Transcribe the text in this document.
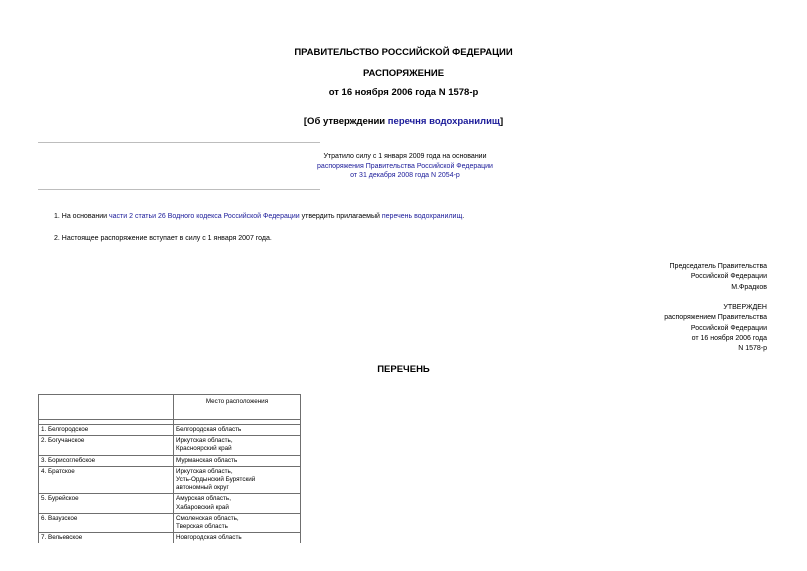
ПРАВИТЕЛЬСТВО РОССИЙСКОЙ ФЕДЕРАЦИИ
РАСПОРЯЖЕНИЕ
от 16 ноября 2006 года N 1578-р
[Об утверждении перечня водохранилищ]
Утратило силу с 1 января 2009 года на основании
распоряжения Правительства Российской Федерации
от 31 декабря 2008 года N 2054-р
1. На основании части 2 статьи 26 Водного кодекса Российской Федерации утвердить прилагаемый перечень водохранилищ.
2. Настоящее распоряжение вступает в силу с 1 января 2007 года.
Председатель Правительства
Российской Федерации
М.Фрадков
УТВЕРЖДЕН
распоряжением Правительства
Российской Федерации
от 16 ноября 2006 года
N 1578-р
ПЕРЕЧЕНЬ
	Место расположения

1. Белгородское	Белгородская область

2. Богучанское	Иркутская область,
Красноярский край

3. Борисоглебское	Мурманская область

4. Братское	Иркутская область,
Усть-Ордынский Бурятский
автономный округ

5. Бурейское	Амурская область,
Хабаровский край

6. Вазузское	Смоленская область,
Тверская область

7. Вельевское	Новгородская область
